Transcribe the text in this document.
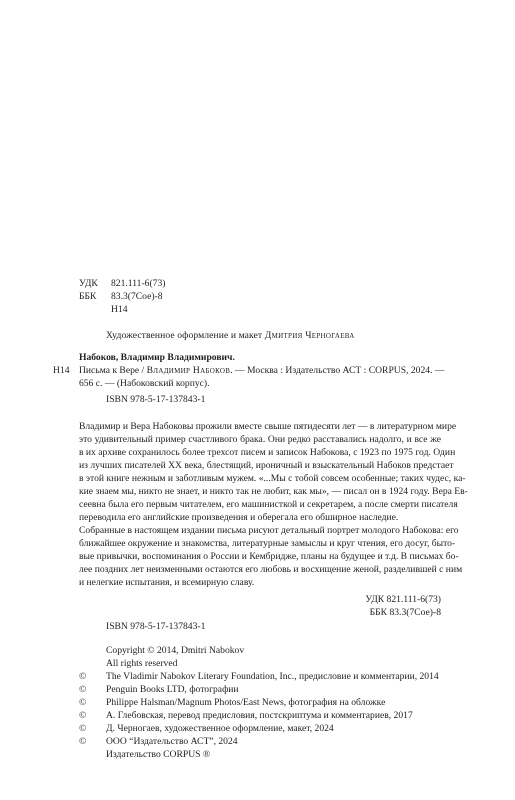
УДК	821.111-6(73)
ББК	83.3(7Сое)-8
Н14
Художественное оформление и макет Дмитрия Черногаева
Набоков, Владимир Владимирович.
Н14 Письма к Вере / Владимир Набоков. — Москва : Издательство АСТ : CORPUS, 2024. —
656 с. — (Набоковский корпус).
ISBN 978-5-17-137843-1
Владимир и Вера Набоковы прожили вместе свыше пятидесяти лет — в литературном мире
это удивительный пример счастливого брака. Они редко расставались надолго, и все же
в их архиве сохранилось более трехсот писем и записок Набокова, с 1923 по 1975 год. Один
из лучших писателей XX века, блестящий, ироничный и взыскательный Набоков предстает
в этой книге нежным и заботливым мужем. «...Мы с тобой совсем особенные; таких чудес, ка-
кие знаем мы, никто не знает, и никто так не любит, как мы», — писал он в 1924 году. Вера Ев-
сеевна была его первым читателем, его машинисткой и секретарем, а после смерти писателя
переводила его английские произведения и оберегала его обширное наследие.
Собранные в настоящем издании письма рисуют детальный портрет молодого Набокова: его
ближайшее окружение и знакомства, литературные замыслы и круг чтения, его досуг, быто-
вые привычки, воспоминания о России и Кембридже, планы на будущее и т.д. В письмах бо-
лее поздних лет неизменными остаются его любовь и восхищение женой, разделившей с ним
и нелегкие испытания, и всемирную славу.
УДК 821.111-6(73)
ББК 83.3(7Сое)-8
ISBN 978-5-17-137843-1
Copyright © 2014, Dmitri Nabokov
All rights reserved
© The Vladimir Nabokov Literary Foundation, Inc., предисловие и комментарии, 2014
© Penguin Books LTD, фотографии
© Philippe Halsman/Magnum Photos/East News, фотография на обложке
© А. Глебовская, перевод предисловия, постскриптума и комментариев, 2017
© Д. Черногаев, художественное оформление, макет, 2024
© ООО “Издательство АСТ”, 2024
Издательство CORPUS ®
